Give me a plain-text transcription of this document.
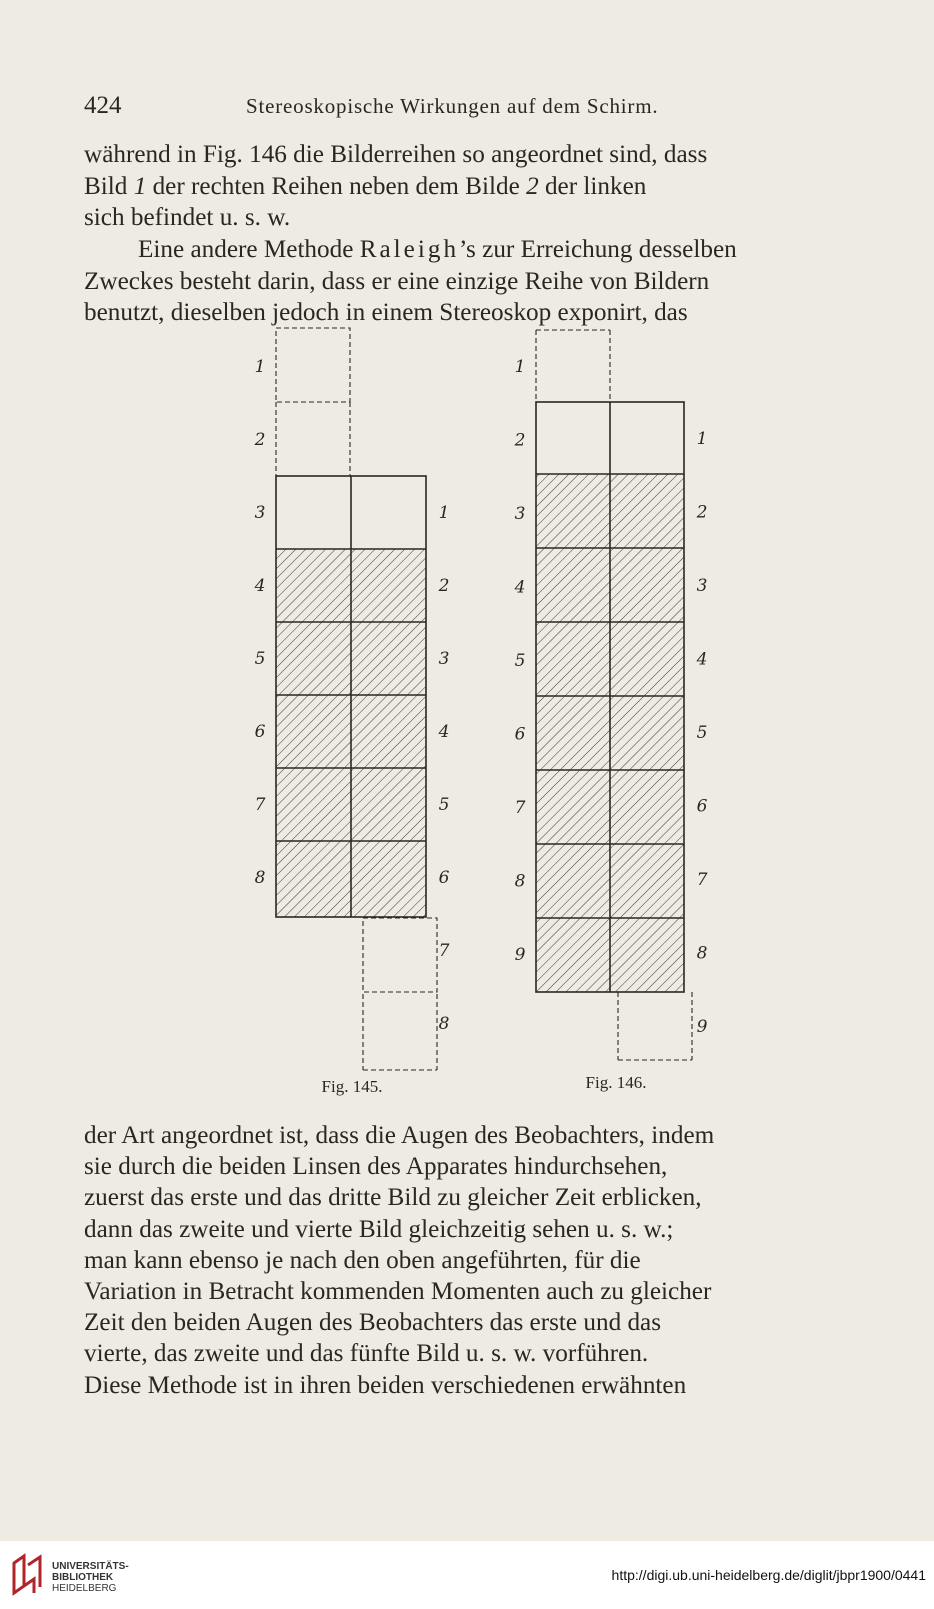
424	Stereoskopische Wirkungen auf dem Schirm.

während in Fig. 146 die Bilderreihen so angeordnet sind, dass
Bild 1 der rechten Reihen neben dem Bilde 2 der linken
sich befindet u. s. w.

Eine andere Methode Raleigh’s zur Erreichung desselben
Zweckes besteht darin, dass er eine einzige Reihe von Bildern
benutzt, dieselben jedoch in einem Stereoskop exponirt, das

1
2
3
4
5
6
7
8
1
2
3
4
5
6
7
8
Fig. 145.
1
2
3
4
5
6
7
8
9
1
2
3
4
5
6
7
8
9
Fig. 146.

der Art angeordnet ist, dass die Augen des Beobachters, indem
sie durch die beiden Linsen des Apparates hindurchsehen,
zuerst das erste und das dritte Bild zu gleicher Zeit erblicken,
dann das zweite und vierte Bild gleichzeitig sehen u. s. w.;
man kann ebenso je nach den oben angeführten, für die
Variation in Betracht kommenden Momenten auch zu gleicher
Zeit den beiden Augen des Beobachters das erste und das
vierte, das zweite und das fünfte Bild u. s. w. vorführen.
Diese Methode ist in ihren beiden verschiedenen erwähnten

UNIVERSITÄTS-
BIBLIOTHEK
HEIDELBERG
http://digi.ub.uni-heidelberg.de/diglit/jbpr1900/0441
